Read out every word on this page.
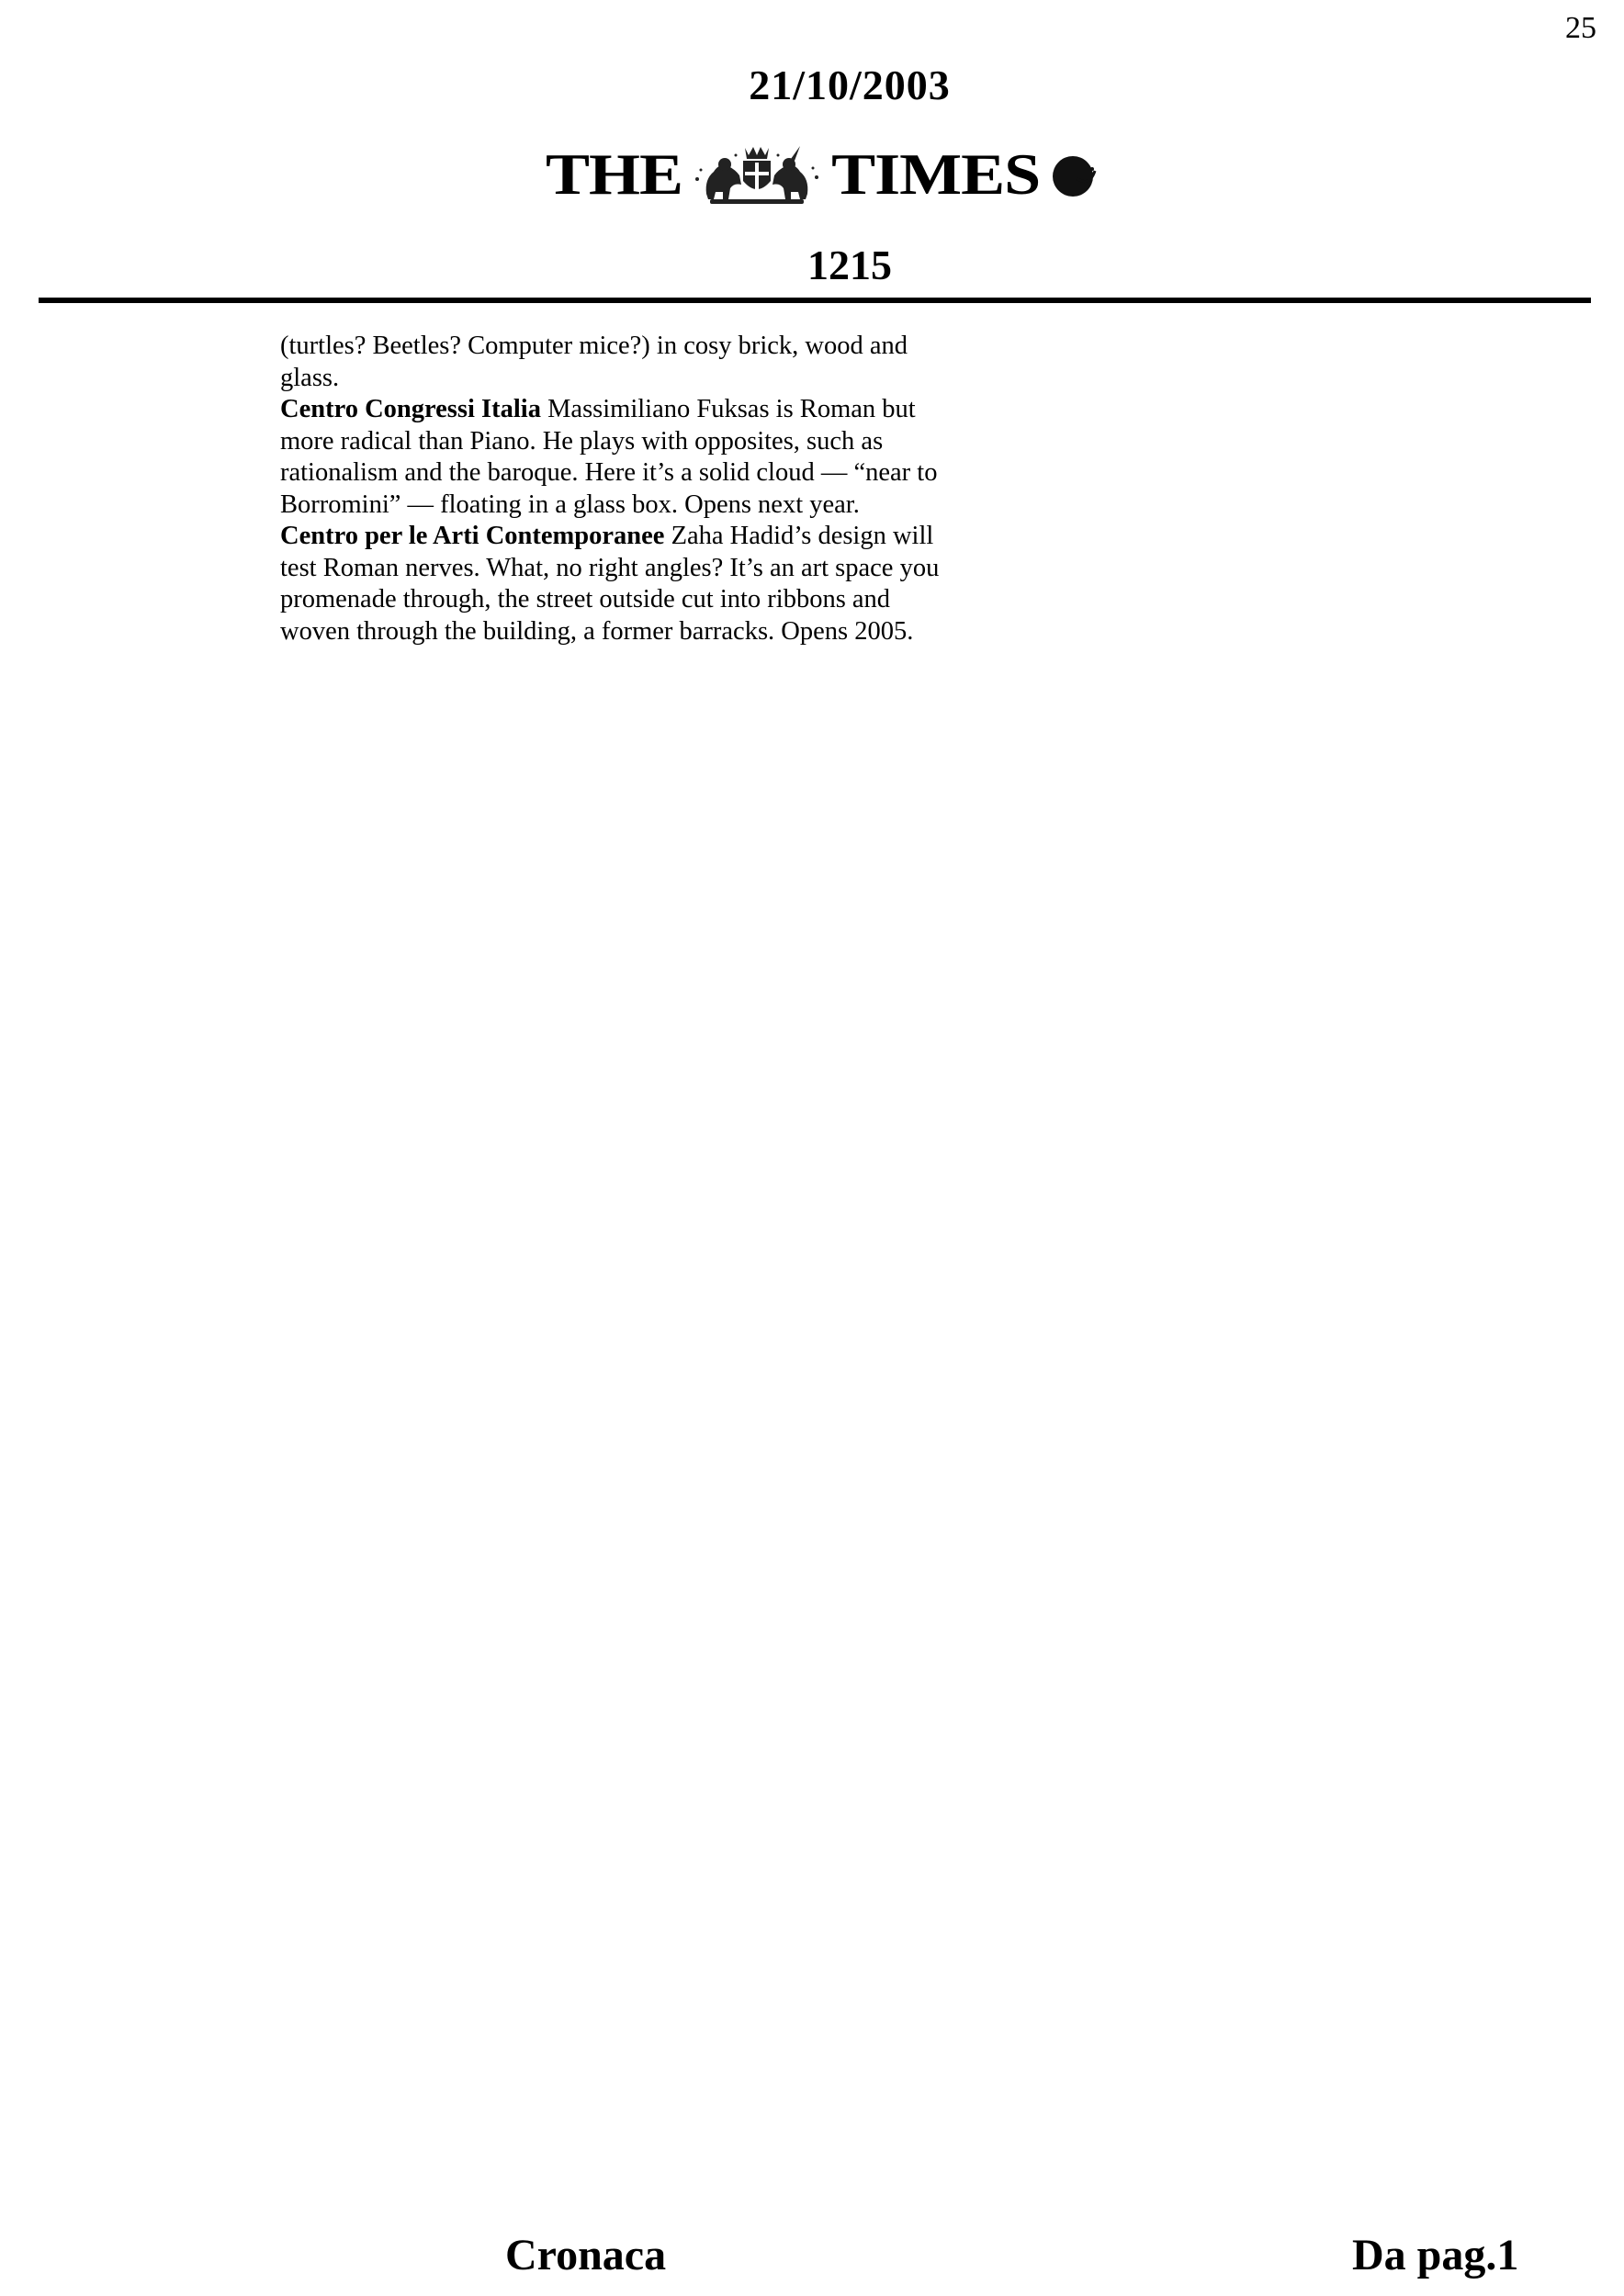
25
21/10/2003
THE TIMES
1215

(turtles? Beetles? Computer mice?) in cosy brick, wood and glass.

Centro Congressi Italia Massimiliano Fuksas is Roman but more radical than Piano. He plays with opposites, such as rationalism and the baroque. Here it’s a solid cloud — “near to Borromini” — floating in a glass box. Opens next year.

Centro per le Arti Contemporanee Zaha Hadid’s design will test Roman nerves. What, no right angles? It’s an art space you promenade through, the street outside cut into ribbons and woven through the building, a former barracks. Opens 2005.

Cronaca	Da pag.1
